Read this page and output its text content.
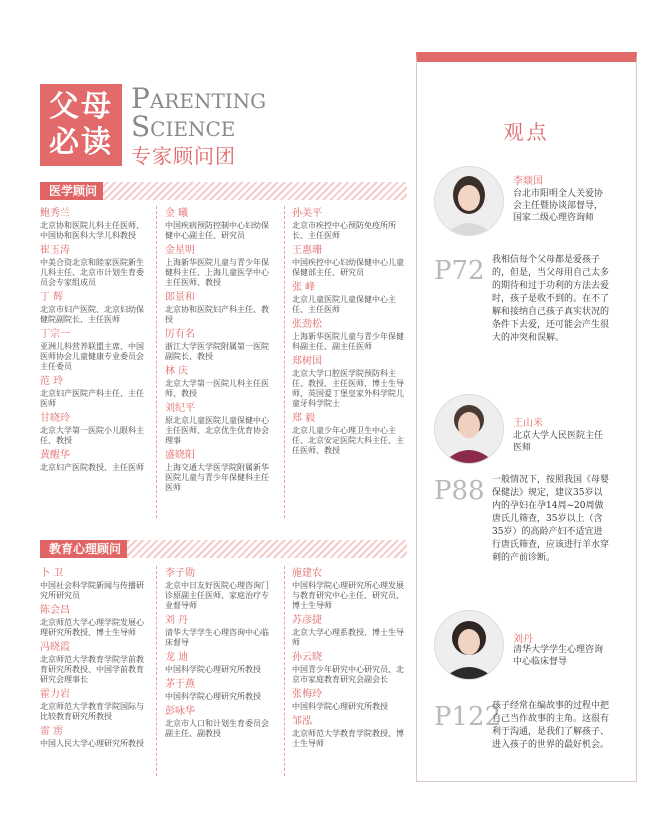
父母
必读
Parenting
Science
专家顾问团
医学顾问
鲍秀兰
北京协和医院儿科主任医师、中国协和医科大学儿科教授
崔玉涛
中美合资北京和睦家医院新生儿科主任、北京市计划生育委员会专家组成员
丁 辉
北京市妇产医院、北京妇幼保健院副院长、主任医师
丁宗一
亚洲儿科营养联盟主席、中国医师协会儿童健康专业委员会主任委员
范 玲
北京妇产医院产科主任、主任医师
甘晓玲
北京大学第一医院小儿眼科主任、教授
黄醒华
北京妇产医院教授、主任医师
金 曦
中国疾病预防控制中心妇幼保健中心副主任、研究员
金星明
上海新华医院儿童与青少年保健科主任、上海儿童医学中心主任医师、教授
郎景和
北京协和医院妇产科主任、教授
厉有名
浙江大学医学院附属第一医院副院长、教授
林 庆
北京大学第一医院儿科主任医师、教授
刘纪平
原北京儿童医院儿童保健中心主任医师、北京优生优育协会理事
盛晓阳
上海交通大学医学院附属新华医院儿童与青少年保健科主任医师
孙美平
北京市疾控中心预防免疫所所长、主任医师
王惠珊
中国疾控中心妇幼保健中心儿童保健部主任、研究员
张 峰
北京儿童医院儿童保健中心主任、主任医师
张劲松
上海新华医院儿童与青少年保健科副主任、副主任医师
郑树国
北京大学口腔医学院预防科主任、教授、主任医师、博士生导师，英国爱丁堡皇家外科学院儿童牙科学院士
郑 毅
北京儿童少年心理卫生中心主任、北京安定医院大科主任、主任医师、教授
教育心理顾问
卜 卫
中国社会科学院新闻与传播研究所研究员
陈会昌
北京师范大学心理学院发展心理研究所教授、博士生导师
冯晓霞
北京师范大学教育学院学前教育研究所教授、中国学前教育研究会理事长
霍力岩
北京师范大学教育学院国际与比较教育研究所教授
雷 雳
中国人民大学心理研究所教授
李子勋
北京中日友好医院心理咨询门诊原副主任医师、家庭治疗专业督导师
刘 丹
清华大学学生心理咨询中心临床督导
龙 迪
中国科学院心理研究所教授
茅于燕
中国科学院心理研究所教授
彭咏华
北京市人口和计划生育委员会副主任、副教授
施建农
中国科学院心理研究所心理发展与教育研究中心主任、研究员、博士生导师
苏彦捷
北京大学心理系教授、博士生导师
孙云晓
中国青少年研究中心研究员、北京市家庭教育研究会副会长
张梅玲
中国科学院心理研究所教授
邹泓
北京师范大学教育学院教授、博士生导师
观点
李燚国
台北市阳明全人关爱协会主任暨协谈部督导，国家二级心理咨询师
P72 我相信每个父母都是爱孩子的，但是，当父母用自己太多的期待和过于功利的方法去爱时，孩子是收不到的。在不了解和接纳自己孩子真实状况的条件下去爱，还可能会产生很大的冲突和误解。
王山米
北京大学人民医院主任医师
P88 一般情况下，按照我国《母婴保健法》规定，建议35岁以内的孕妇在孕14周~20周做唐氏儿筛查，35岁以上（含35岁）的高龄产妇不适宜进行唐氏筛查，应该进行羊水穿刺的产前诊断。
刘丹
清华大学学生心理咨询中心临床督导
P122
孩子经常在编故事的过程中把自己当作故事的主角。这很有利于沟通，是我们了解孩子、进入孩子的世界的最好机会。
